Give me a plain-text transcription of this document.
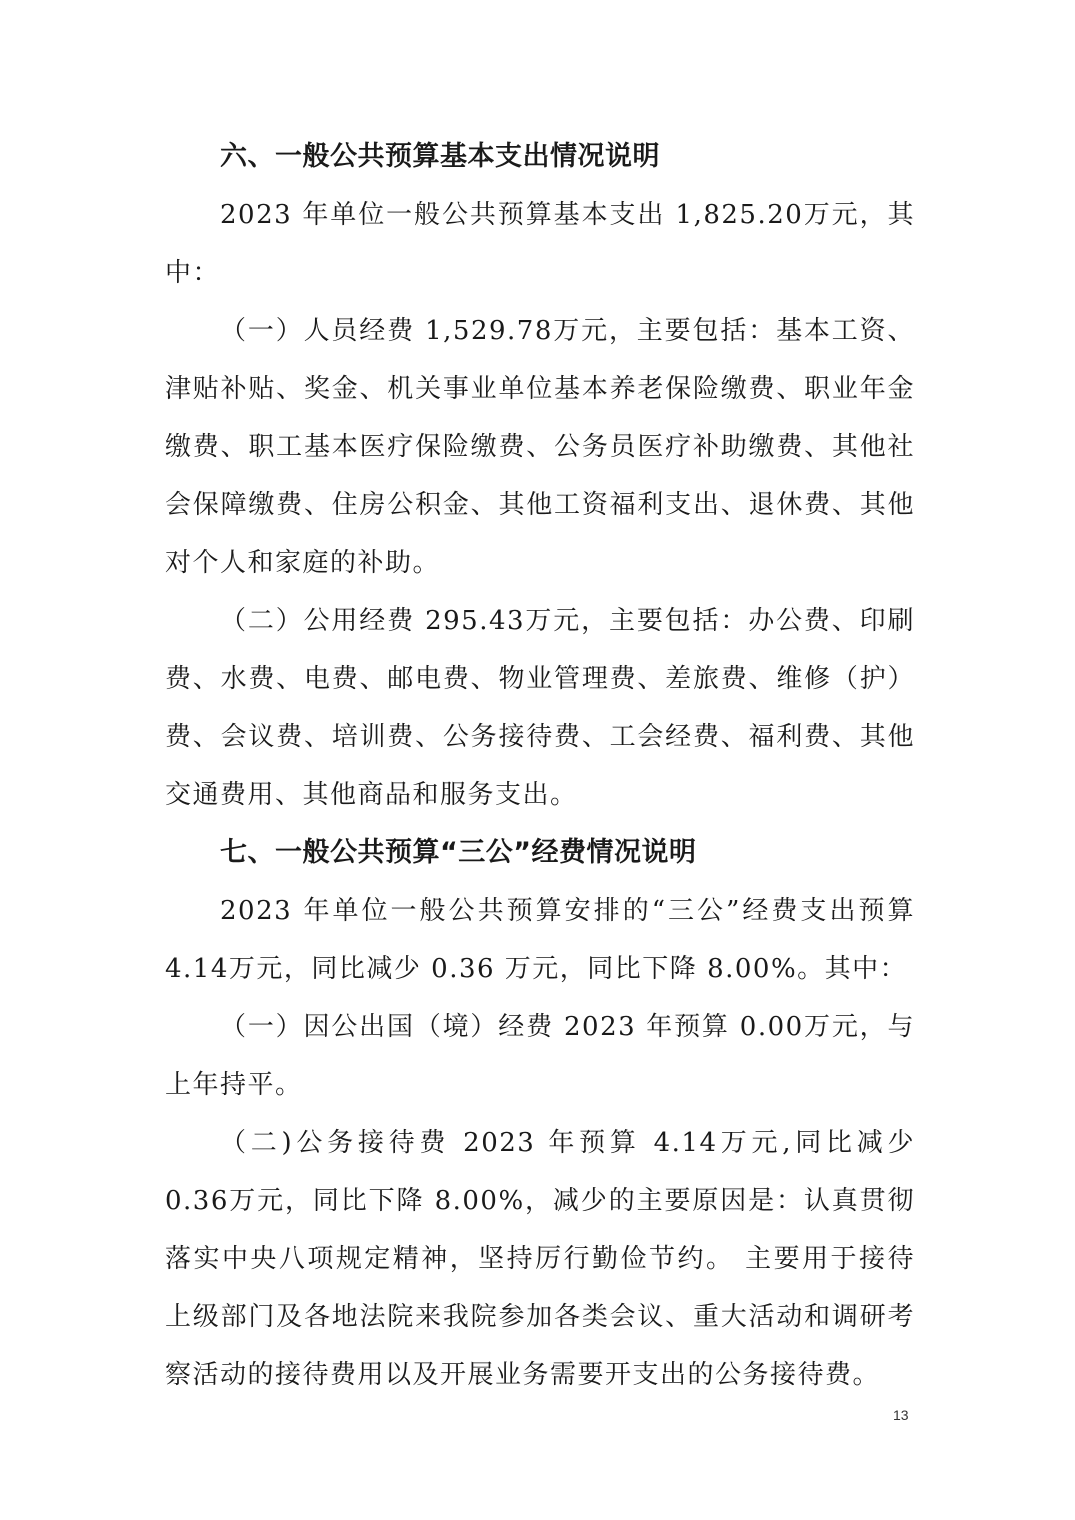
六、一般公共预算基本支出情况说明

2023 年单位一般公共预算基本支出 1,825.20万元，其中：

（一）人员经费 1,529.78万元，主要包括：基本工资、津贴补贴、奖金、机关事业单位基本养老保险缴费、职业年金缴费、职工基本医疗保险缴费、公务员医疗补助缴费、其他社会保障缴费、住房公积金、其他工资福利支出、退休费、其他对个人和家庭的补助。

（二）公用经费 295.43万元，主要包括：办公费、印刷费、水费、电费、邮电费、物业管理费、差旅费、维修（护）费、会议费、培训费、公务接待费、工会经费、福利费、其他交通费用、其他商品和服务支出。

七、一般公共预算“三公”经费情况说明

2023 年单位一般公共预算安排的“三公”经费支出预算4.14万元，同比减少 0.36 万元，同比下降 8.00%。其中：

（一）因公出国（境）经费 2023 年预算 0.00万元，与上年持平。

（二)公务接待费 2023 年预算 4.14万元,同比减少 0.36万元，同比下降 8.00%，减少的主要原因是：认真贯彻落实中央八项规定精神，坚持厉行勤俭节约。 主要用于接待上级部门及各地法院来我院参加各类会议、重大活动和调研考察活动的接待费用以及开展业务需要开支出的公务接待费。

13
